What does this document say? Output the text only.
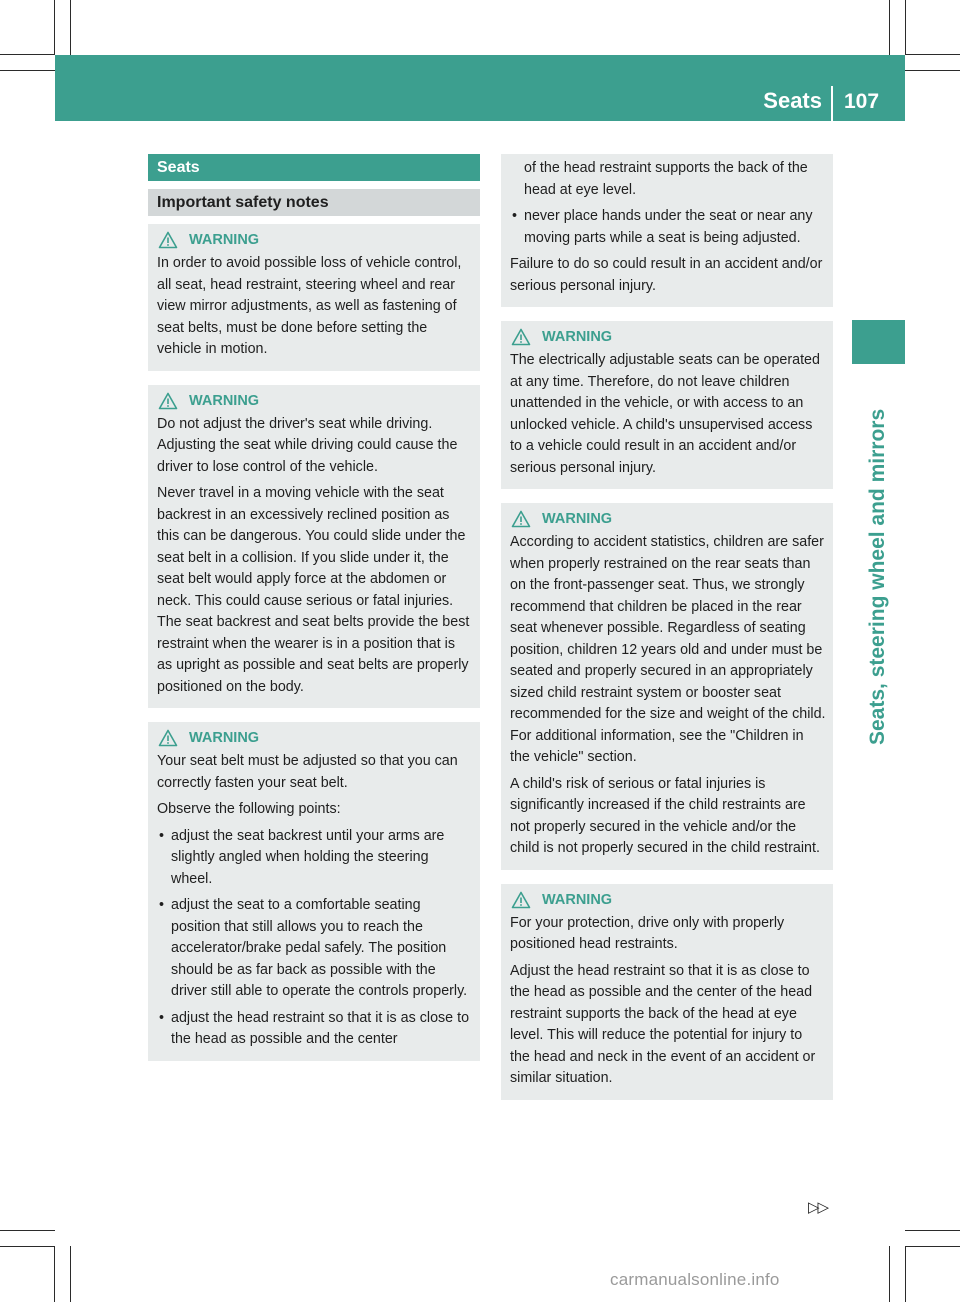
Seats 107
Seats, steering wheel and mirrors
Seats
Important safety notes
WARNING

In order to avoid possible loss of vehicle control, all seat, head restraint, steering wheel and rear view mirror adjustments, as well as fastening of seat belts, must be done before setting the vehicle in motion.

WARNING

Do not adjust the driver's seat while driving. Adjusting the seat while driving could cause the driver to lose control of the vehicle.

Never travel in a moving vehicle with the seat backrest in an excessively reclined position as this can be dangerous. You could slide under the seat belt in a collision. If you slide under it, the seat belt would apply force at the abdomen or neck. This could cause serious or fatal injuries. The seat backrest and seat belts provide the best restraint when the wearer is in a position that is as upright as possible and seat belts are properly positioned on the body.

WARNING

Your seat belt must be adjusted so that you can correctly fasten your seat belt.

Observe the following points:

• adjust the seat backrest until your arms are slightly angled when holding the steering wheel.
• adjust the seat to a comfortable seating position that still allows you to reach the accelerator/brake pedal safely. The position should be as far back as possible with the driver still able to operate the controls properly.
• adjust the head restraint so that it is as close to the head as possible and the center
of the head restraint supports the back of the head at eye level.
• never place hands under the seat or near any moving parts while a seat is being adjusted.

Failure to do so could result in an accident and/or serious personal injury.

WARNING

The electrically adjustable seats can be operated at any time. Therefore, do not leave children unattended in the vehicle, or with access to an unlocked vehicle. A child's unsupervised access to a vehicle could result in an accident and/or serious personal injury.

WARNING

According to accident statistics, children are safer when properly restrained on the rear seats than on the front-passenger seat. Thus, we strongly recommend that children be placed in the rear seat whenever possible. Regardless of seating position, children 12 years old and under must be seated and properly secured in an appropriately sized child restraint system or booster seat recommended for the size and weight of the child. For additional information, see the "Children in the vehicle" section.

A child's risk of serious or fatal injuries is significantly increased if the child restraints are not properly secured in the vehicle and/or the child is not properly secured in the child restraint.

WARNING

For your protection, drive only with properly positioned head restraints.

Adjust the head restraint so that it is as close to the head as possible and the center of the head restraint supports the back of the head at eye level. This will reduce the potential for injury to the head and neck in the event of an accident or similar situation.

▷▷
carmanualsonline.info
